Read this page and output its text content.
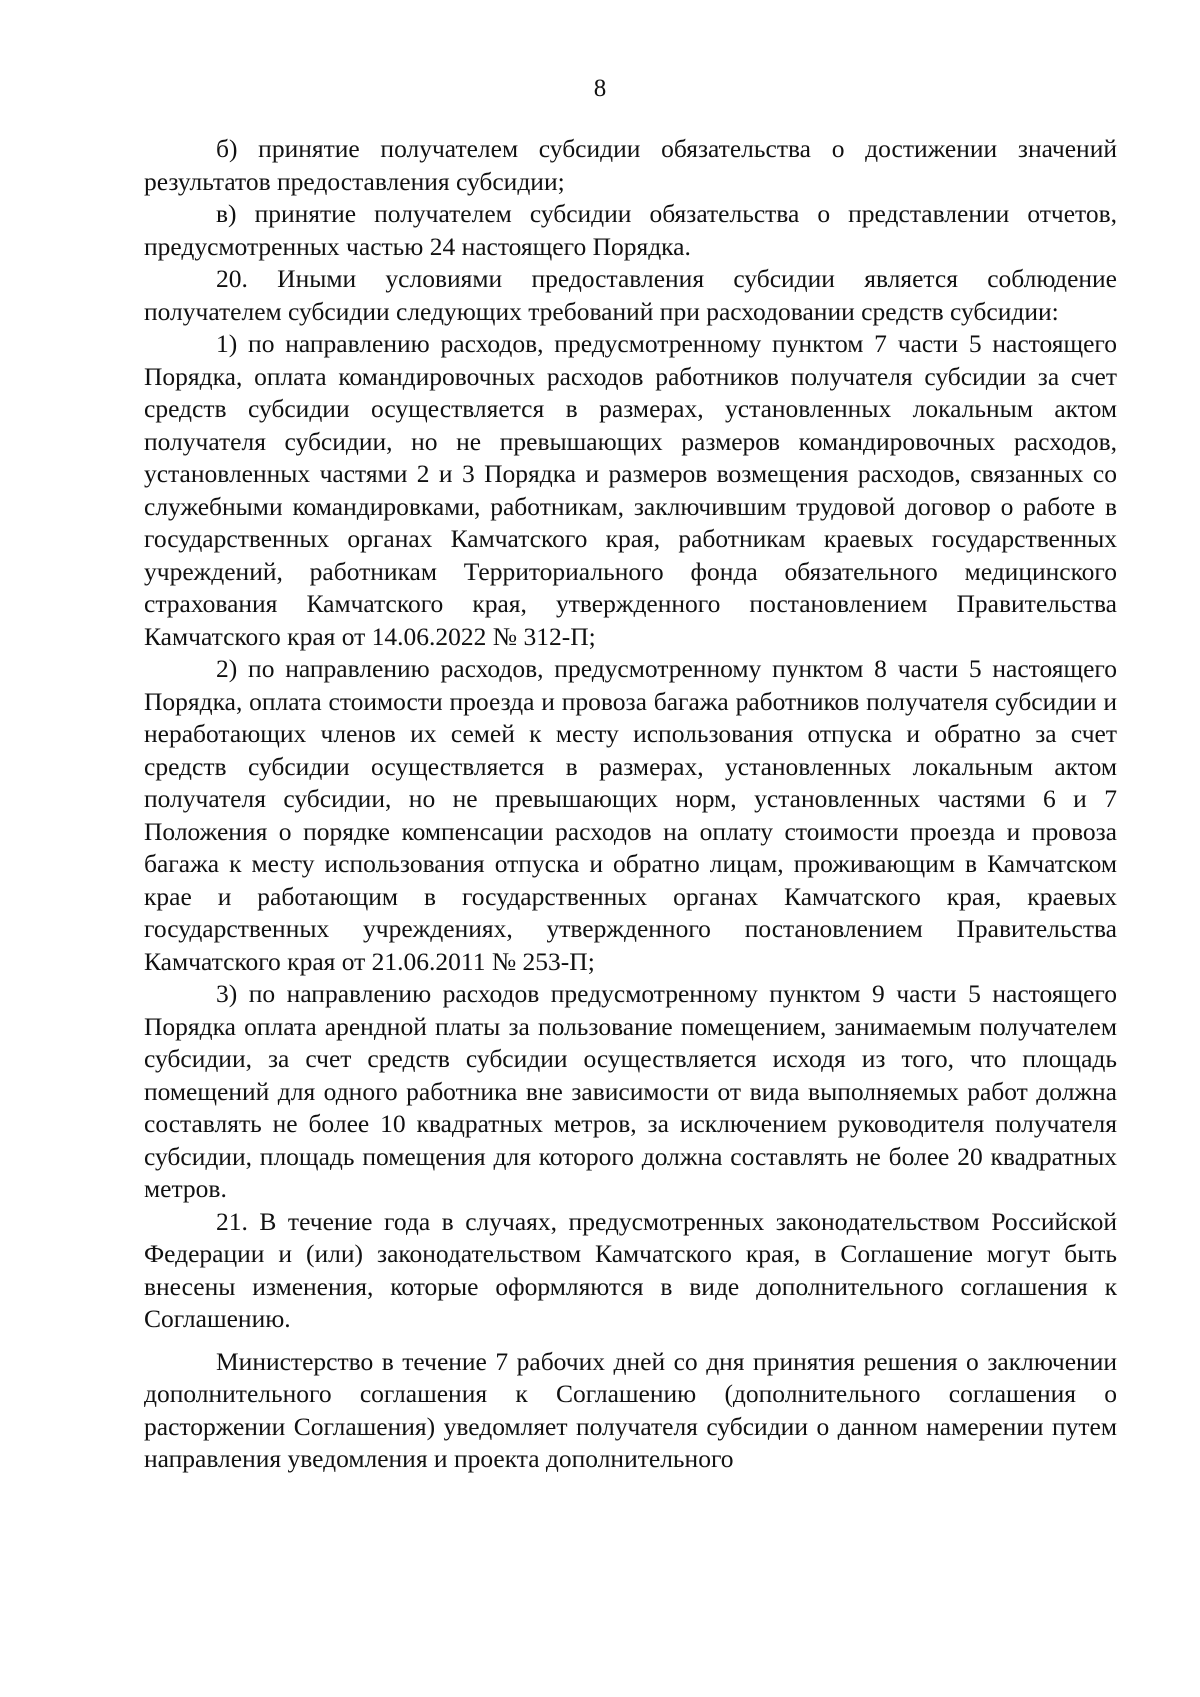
8

б) принятие получателем субсидии обязательства о достижении значений результатов предоставления субсидии;

в) принятие получателем субсидии обязательства о представлении отчетов, предусмотренных частью 24 настоящего Порядка.

20. Иными условиями предоставления субсидии является соблюдение получателем субсидии следующих требований при расходовании средств субсидии:

1) по направлению расходов, предусмотренному пунктом 7 части 5 настоящего Порядка, оплата командировочных расходов работников получателя субсидии за счет средств субсидии осуществляется в размерах, установленных локальным актом получателя субсидии, но не превышающих размеров командировочных расходов, установленных частями 2 и 3 Порядка и размеров возмещения расходов, связанных со служебными командировками, работникам, заключившим трудовой договор о работе в государственных органах Камчатского края, работникам краевых государственных учреждений, работникам Территориального фонда обязательного медицинского страхования Камчатского края, утвержденного постановлением Правительства Камчатского края от 14.06.2022 № 312-П;

2) по направлению расходов, предусмотренному пунктом 8 части 5 настоящего Порядка, оплата стоимости проезда и провоза багажа работников получателя субсидии и неработающих членов их семей к месту использования отпуска и обратно за счет средств субсидии осуществляется в размерах, установленных локальным актом получателя субсидии, но не превышающих норм, установленных частями 6 и 7 Положения о порядке компенсации расходов на оплату стоимости проезда и провоза багажа к месту использования отпуска и обратно лицам, проживающим в Камчатском крае и работающим в государственных органах Камчатского края, краевых государственных учреждениях, утвержденного постановлением Правительства Камчатского края от 21.06.2011 № 253-П;

3) по направлению расходов предусмотренному пунктом 9 части 5 настоящего Порядка оплата арендной платы за пользование помещением, занимаемым получателем субсидии, за счет средств субсидии осуществляется исходя из того, что площадь помещений для одного работника вне зависимости от вида выполняемых работ должна составлять не более 10 квадратных метров, за исключением руководителя получателя субсидии, площадь помещения для которого должна составлять не более 20 квадратных метров.

21. В течение года в случаях, предусмотренных законодательством Российской Федерации и (или) законодательством Камчатского края, в Соглашение могут быть внесены изменения, которые оформляются в виде дополнительного соглашения к Соглашению.

Министерство в течение 7 рабочих дней со дня принятия решения о заключении дополнительного соглашения к Соглашению (дополнительного соглашения о расторжении Соглашения) уведомляет получателя субсидии о данном намерении путем направления уведомления и проекта дополнительного
